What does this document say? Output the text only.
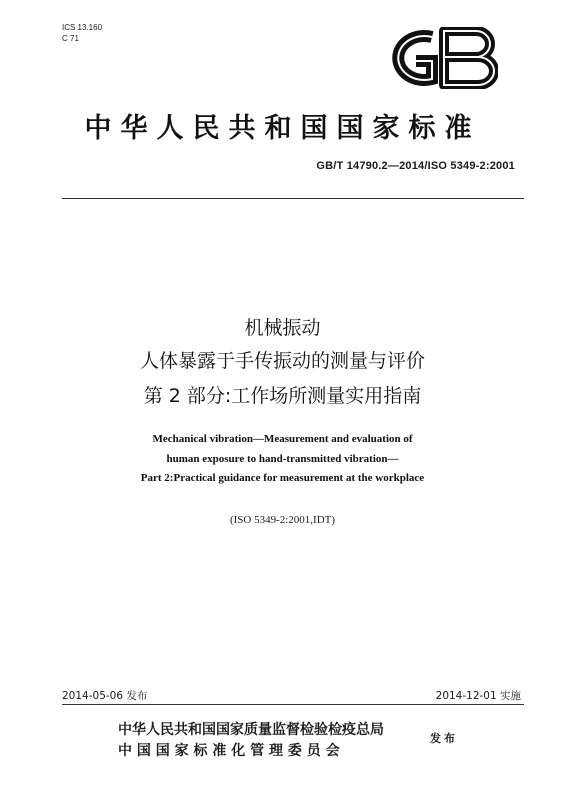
ICS 13.160
C 71
中华人民共和国国家标准
GB/T 14790.2—2014/ISO 5349-2:2001
机械振动
人体暴露于手传振动的测量与评价
第 2 部分:工作场所测量实用指南
Mechanical vibration—Measurement and evaluation of
human exposure to hand-transmitted vibration—
Part 2:Practical guidance for measurement at the workplace
(ISO 5349-2:2001,IDT)
2014-05-06 发布	2014-12-01 实施
中华人民共和国国家质量监督检验检疫总局
中 国 国 家 标 准 化 管 理 委 员 会
发布
